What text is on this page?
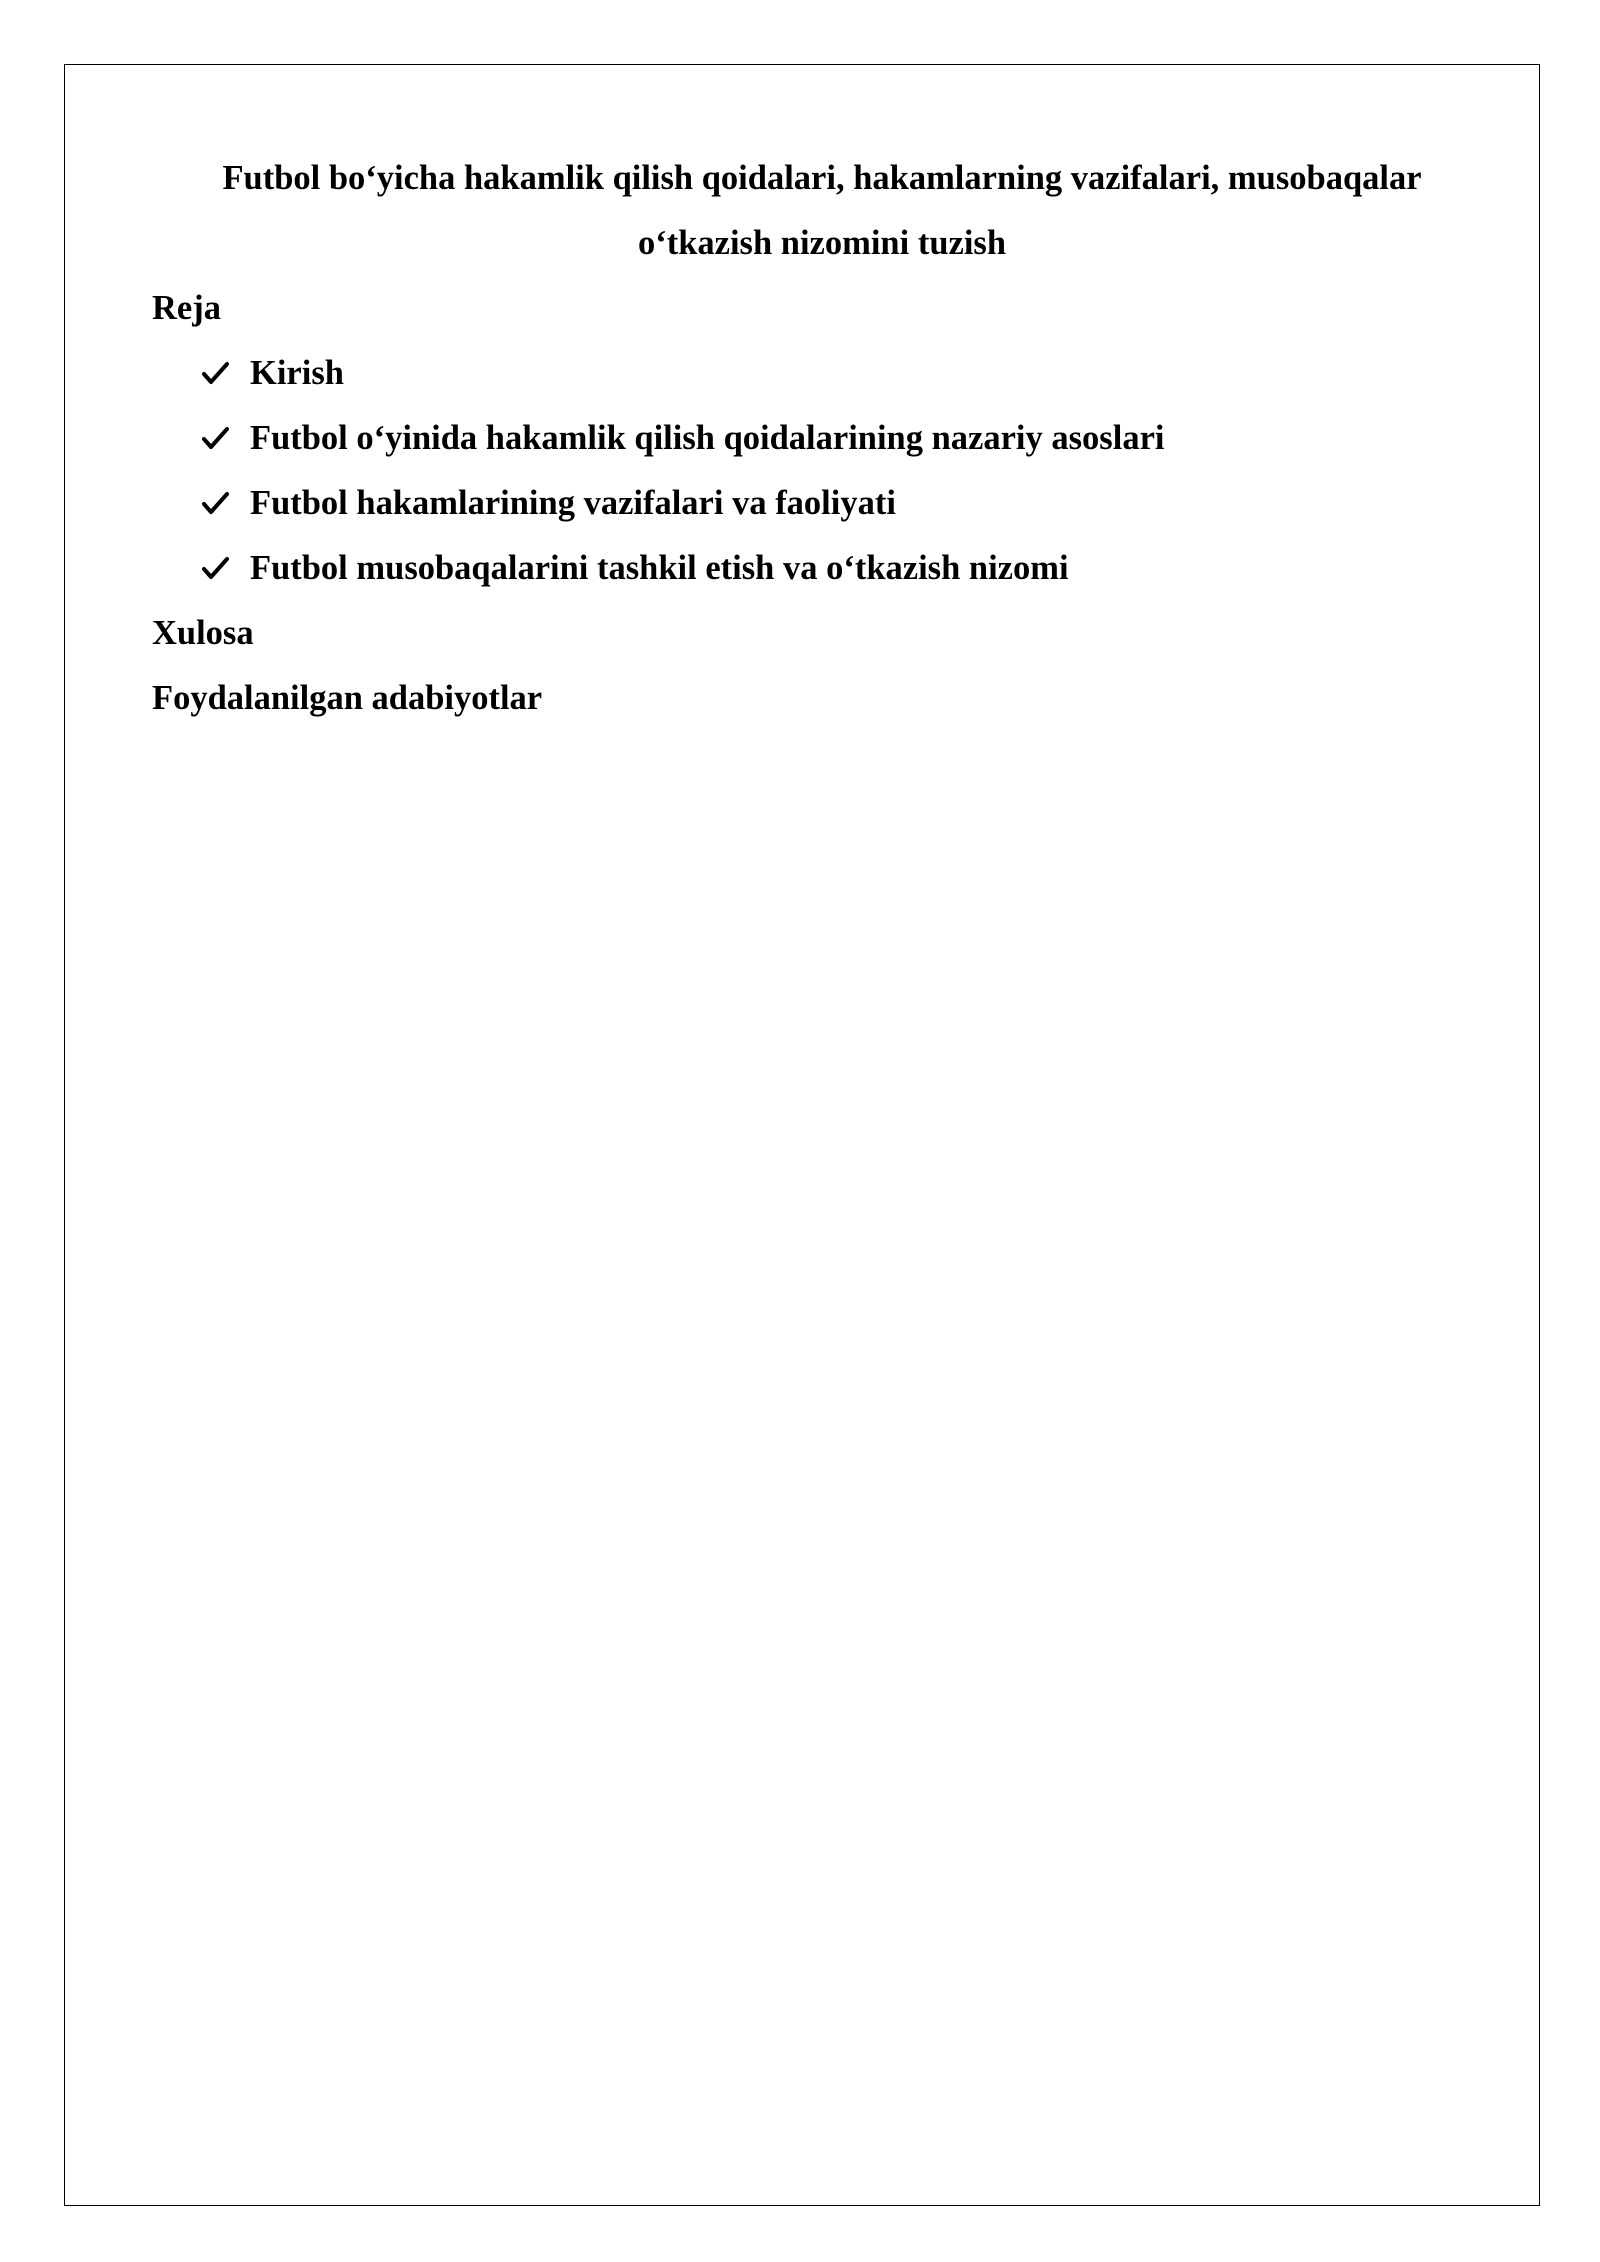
Futbol bo‘yicha hakamlik qilish qoidalari, hakamlarning vazifalari, musobaqalar
o‘tkazish nizomini tuzish
Reja
Kirish
Futbol o‘yinida hakamlik qilish qoidalarining nazariy asoslari
Futbol hakamlarining vazifalari va faoliyati
Futbol musobaqalarini tashkil etish va o‘tkazish nizomi
Xulosa
Foydalanilgan adabiyotlar
